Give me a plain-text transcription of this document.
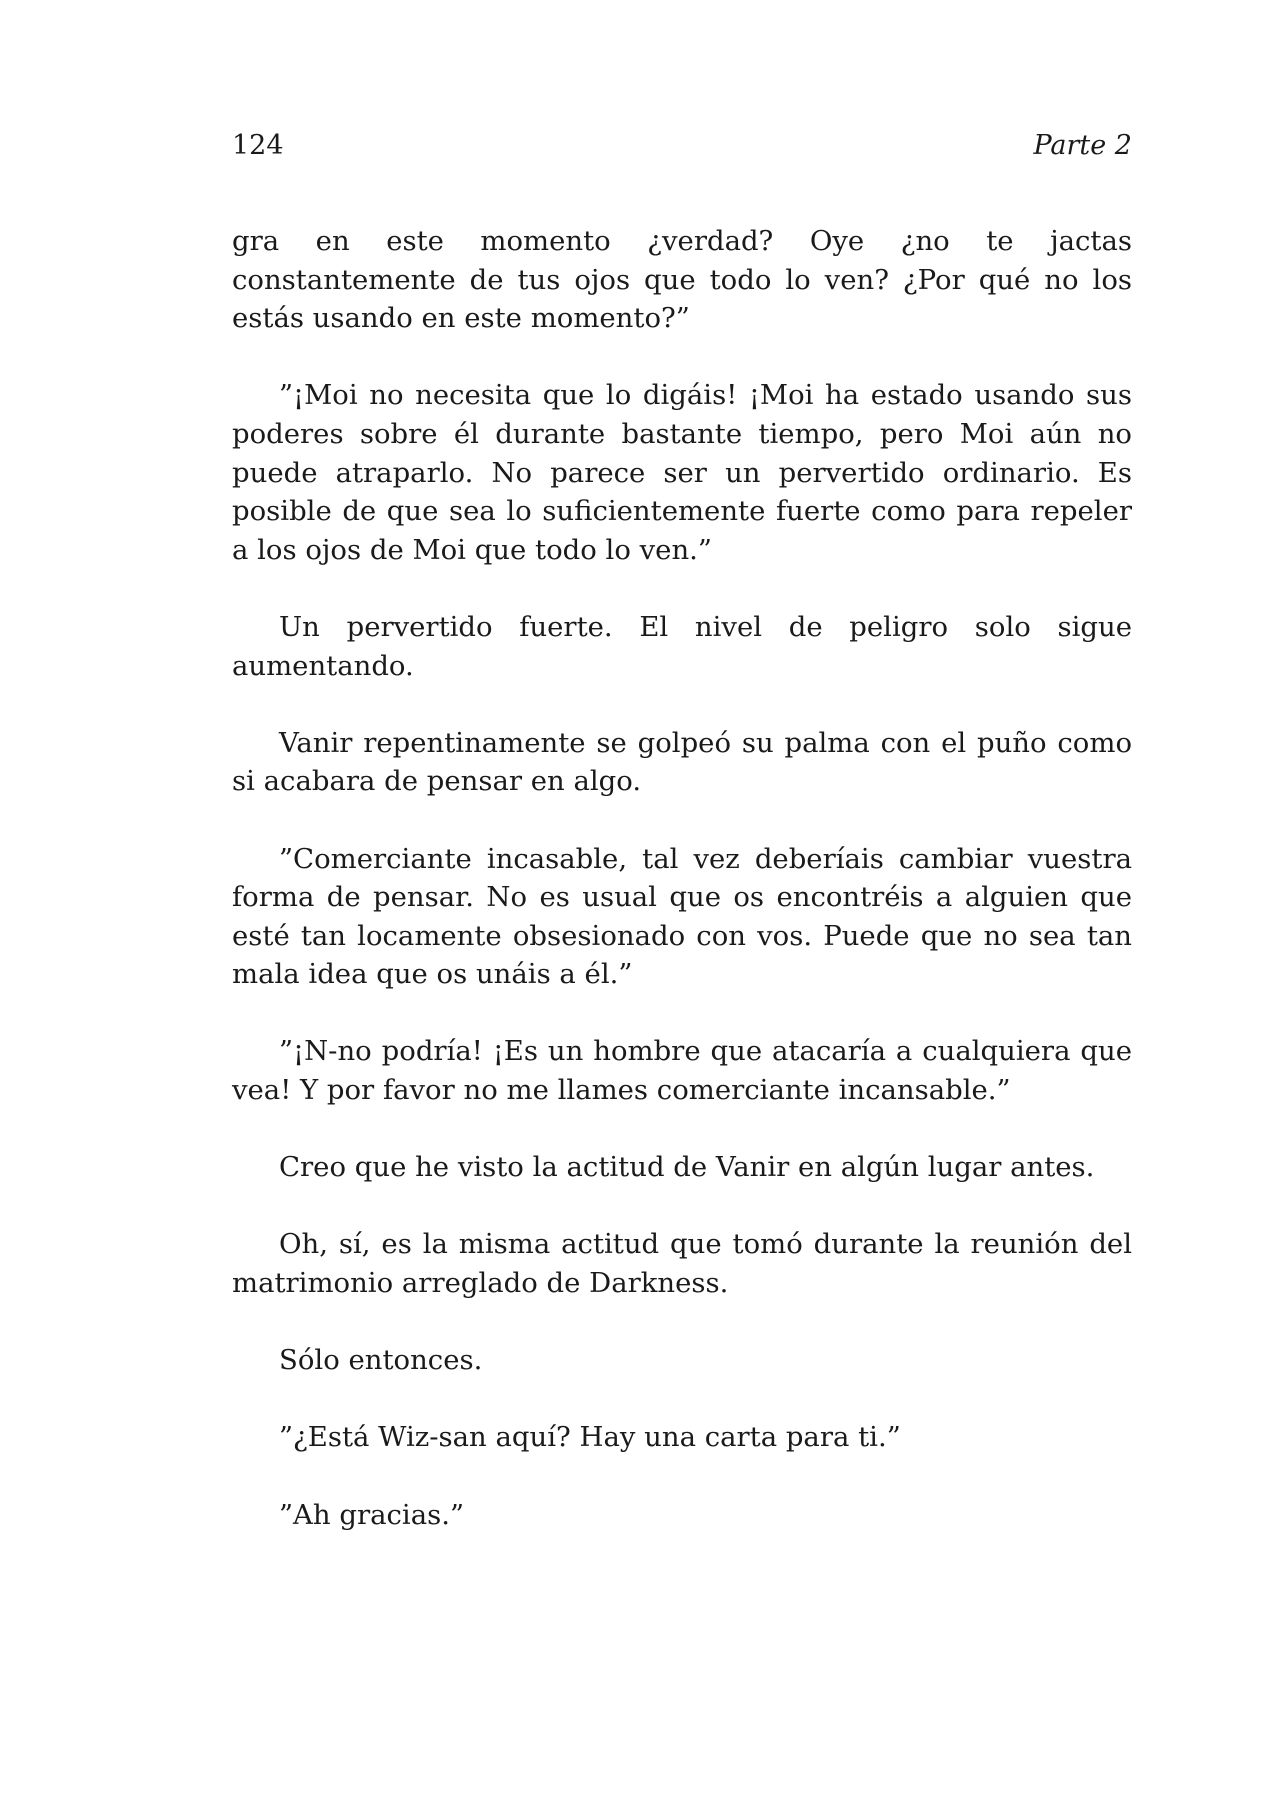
124	Parte 2

gra en este momento ¿verdad? Oye ¿no te jactas constantemente de tus ojos que todo lo ven? ¿Por qué no los estás usando en este momento?”

”¡Moi no necesita que lo digáis! ¡Moi ha estado usando sus poderes sobre él durante bastante tiempo, pero Moi aún no puede atraparlo. No parece ser un pervertido ordinario. Es posible de que sea lo suficientemente fuerte como para repeler a los ojos de Moi que todo lo ven.”

Un pervertido fuerte. El nivel de peligro solo sigue aumentando.

Vanir repentinamente se golpeó su palma con el puño como si acabara de pensar en algo.

”Comerciante incasable, tal vez deberíais cambiar vuestra forma de pensar. No es usual que os encontréis a alguien que esté tan locamente obsesionado con vos. Puede que no sea tan mala idea que os unáis a él.”

”¡N-no podría! ¡Es un hombre que atacaría a cualquiera que vea! Y por favor no me llames comerciante incansable.”

Creo que he visto la actitud de Vanir en algún lugar antes.

Oh, sí, es la misma actitud que tomó durante la reunión del matrimonio arreglado de Darkness.

Sólo entonces.

”¿Está Wiz-san aquí? Hay una carta para ti.”

”Ah gracias.”
